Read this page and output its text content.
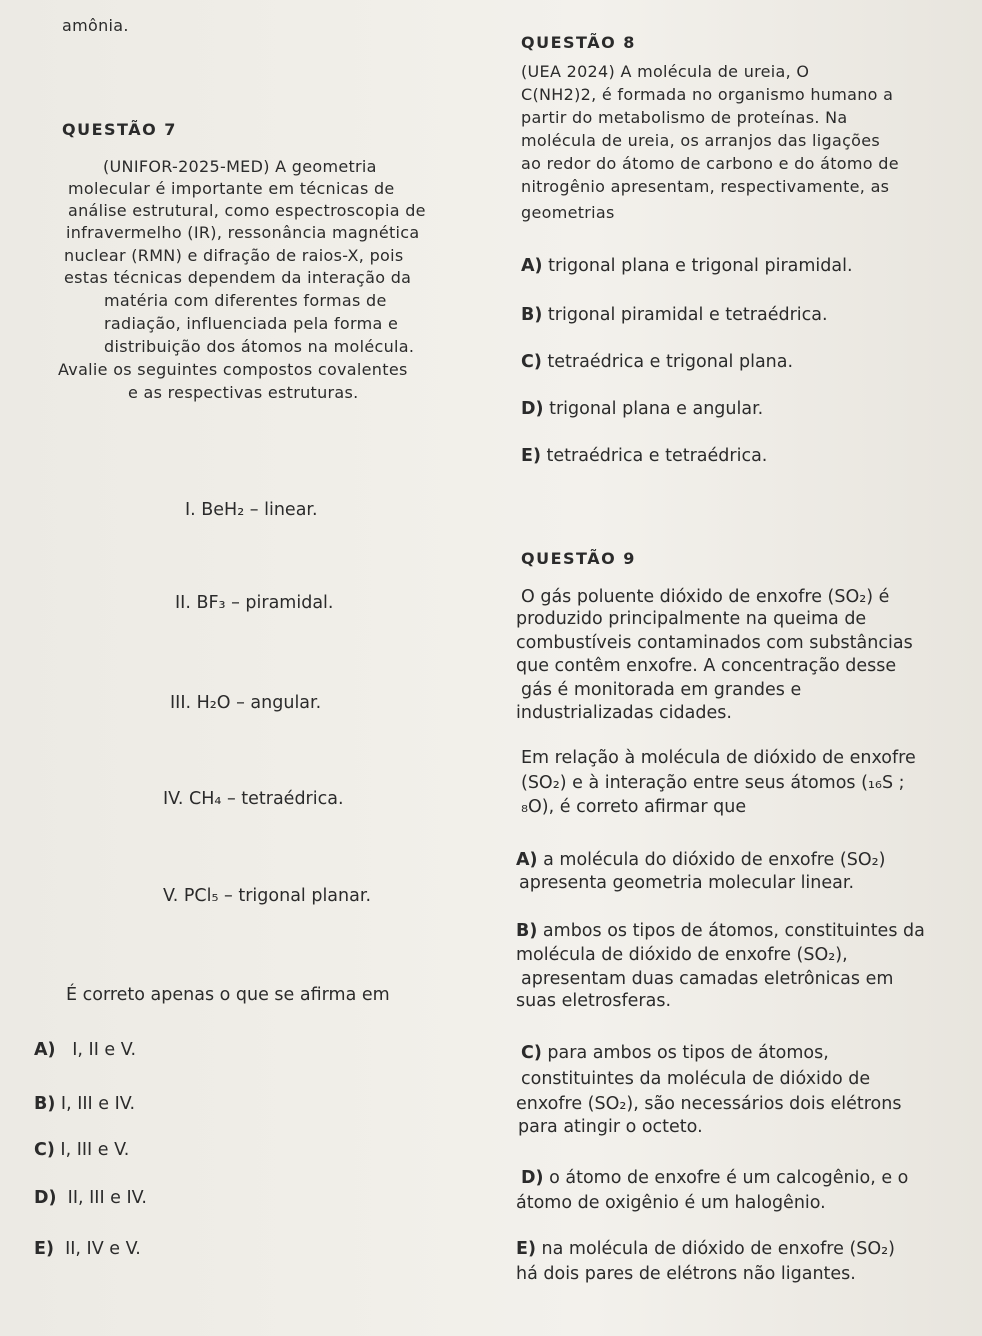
amônia.
QUESTÃO 8
(UEA 2024) A molécula de ureia, O
C(NH2)2, é formada no organismo humano a
partir do metabolismo de proteínas. Na
molécula de ureia, os arranjos das ligações
ao redor do átomo de carbono e do átomo de
nitrogênio apresentam, respectivamente, as
geometrias
A) trigonal plana e trigonal piramidal.
B) trigonal piramidal e tetraédrica.
C) tetraédrica e trigonal plana.
D) trigonal plana e angular.
E) tetraédrica e tetraédrica.
QUESTÃO 7
(UNIFOR-2025-MED) A geometria
molecular é importante em técnicas de
análise estrutural, como espectroscopia de
infravermelho (IR), ressonância magnética
nuclear (RMN) e difração de raios-X, pois
estas técnicas dependem da interação da
matéria com diferentes formas de
radiação, influenciada pela forma e
distribuição dos átomos na molécula.
Avalie os seguintes compostos covalentes
e as respectivas estruturas.
I. BeH₂ – linear.
II. BF₃ – piramidal.
III. H₂O – angular.
IV. CH₄ – tetraédrica.
V. PCl₅ – trigonal planar.
É correto apenas o que se afirma em
A) I, II e V.
B) I, III e IV.
C) I, III e V.
D) II, III e IV.
E) II, IV e V.
QUESTÃO 9
O gás poluente dióxido de enxofre (SO₂) é
produzido principalmente na queima de
combustíveis contaminados com substâncias
que contêm enxofre. A concentração desse
gás é monitorada em grandes e
industrializadas cidades.
Em relação à molécula de dióxido de enxofre
(SO₂) e à interação entre seus átomos (₁₆S ;
₈O), é correto afirmar que
A) a molécula do dióxido de enxofre (SO₂)
apresenta geometria molecular linear.
B) ambos os tipos de átomos, constituintes da
molécula de dióxido de enxofre (SO₂),
apresentam duas camadas eletrônicas em
suas eletrosferas.
C) para ambos os tipos de átomos,
constituintes da molécula de dióxido de
enxofre (SO₂), são necessários dois elétrons
para atingir o octeto.
D) o átomo de enxofre é um calcogênio, e o
átomo de oxigênio é um halogênio.
E) na molécula de dióxido de enxofre (SO₂)
há dois pares de elétrons não ligantes.
